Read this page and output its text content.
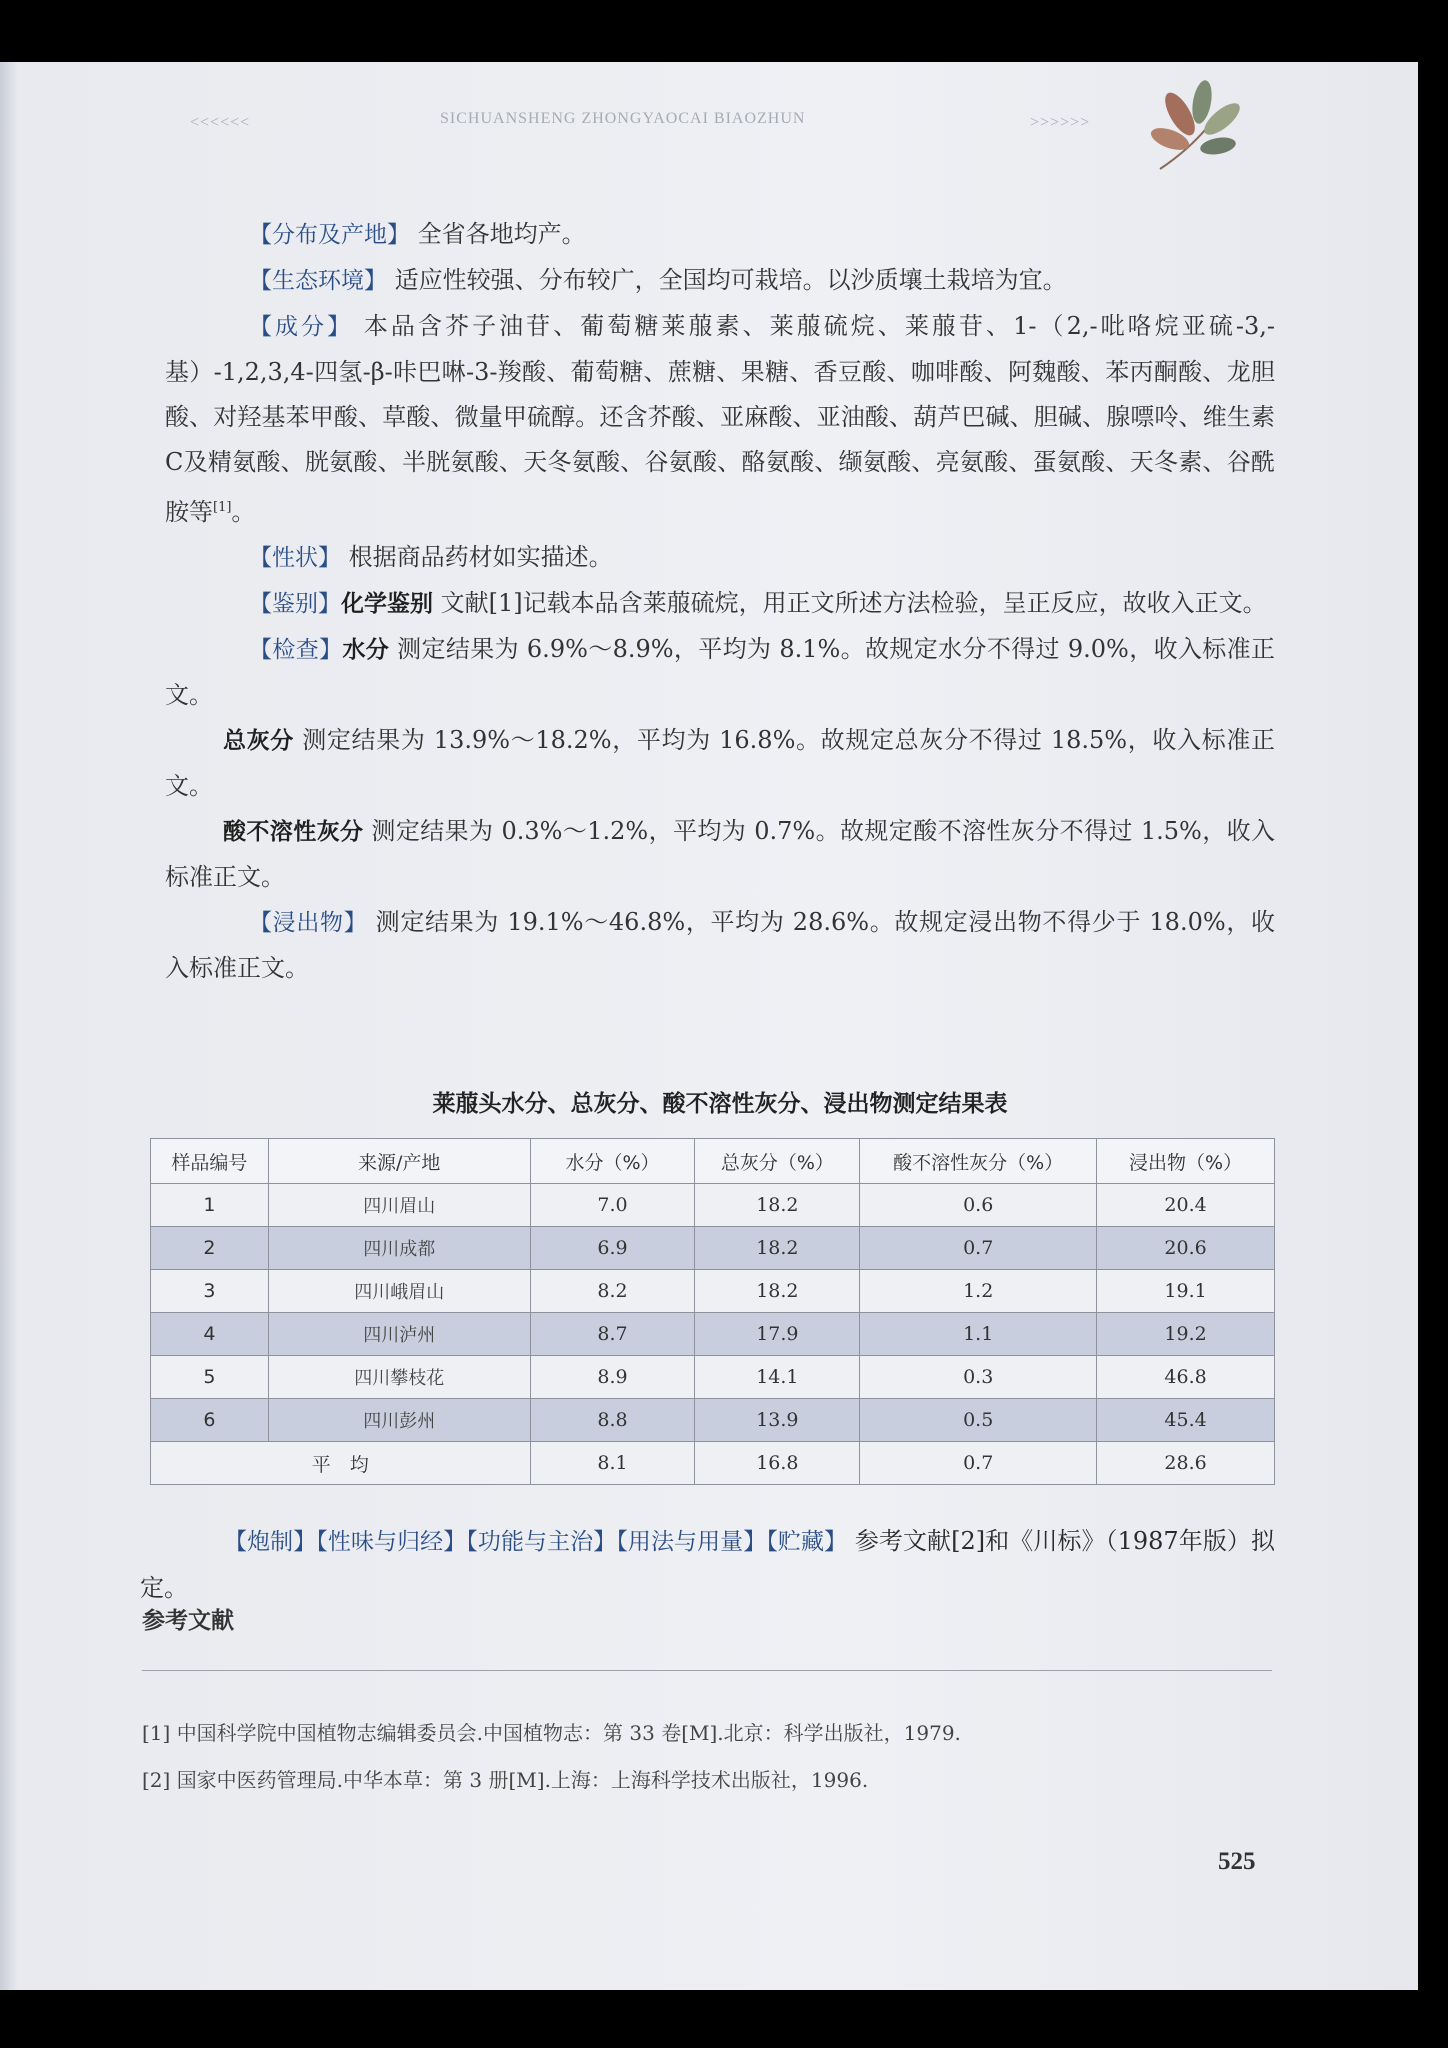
<<<<<<	SICHUANSHENG ZHONGYAOCAI BIAOZHUN	>>>>>>

【分布及产地】 全省各地均产。

【生态环境】 适应性较强、分布较广，全国均可栽培。以沙质壤土栽培为宜。

【成分】 本品含芥子油苷、葡萄糖莱菔素、莱菔硫烷、莱菔苷、1-（2,-吡咯烷亚硫-3,-基）-1,2,3,4-四氢-β-咔巴啉-3-羧酸、葡萄糖、蔗糖、果糖、香豆酸、咖啡酸、阿魏酸、苯丙酮酸、龙胆酸、对羟基苯甲酸、草酸、微量甲硫醇。还含芥酸、亚麻酸、亚油酸、葫芦巴碱、胆碱、腺嘌呤、维生素C及精氨酸、胱氨酸、半胱氨酸、天冬氨酸、谷氨酸、酪氨酸、缬氨酸、亮氨酸、蛋氨酸、天冬素、谷酰胺等[1]。

【性状】 根据商品药材如实描述。

【鉴别】化学鉴别 文献[1]记载本品含莱菔硫烷，用正文所述方法检验，呈正反应，故收入正文。

【检查】水分 测定结果为 6.9%～8.9%，平均为 8.1%。故规定水分不得过 9.0%，收入标准正文。

总灰分 测定结果为 13.9%～18.2%，平均为 16.8%。故规定总灰分不得过 18.5%，收入标准正文。

酸不溶性灰分 测定结果为 0.3%～1.2%，平均为 0.7%。故规定酸不溶性灰分不得过 1.5%，收入标准正文。

【浸出物】 测定结果为 19.1%～46.8%，平均为 28.6%。故规定浸出物不得少于 18.0%，收入标准正文。

莱菔头水分、总灰分、酸不溶性灰分、浸出物测定结果表
样品编号	来源/产地	水分（%）	总灰分（%）	酸不溶性灰分（%）	浸出物（%）
1	四川眉山	7.0	18.2	0.6	20.4
2	四川成都	6.9	18.2	0.7	20.6
3	四川峨眉山	8.2	18.2	1.2	19.1
4	四川泸州	8.7	17.9	1.1	19.2
5	四川攀枝花	8.9	14.1	0.3	46.8
6	四川彭州	8.8	13.9	0.5	45.4
平　均		8.1	16.8	0.7	28.6

【炮制】【性味与归经】【功能与主治】【用法与用量】【贮藏】 参考文献[2]和《川标》（1987年版）拟定。

参考文献
[1] 中国科学院中国植物志编辑委员会.中国植物志：第 33 卷[M].北京：科学出版社，1979.
[2] 国家中医药管理局.中华本草：第 3 册[M].上海：上海科学技术出版社，1996.
525
